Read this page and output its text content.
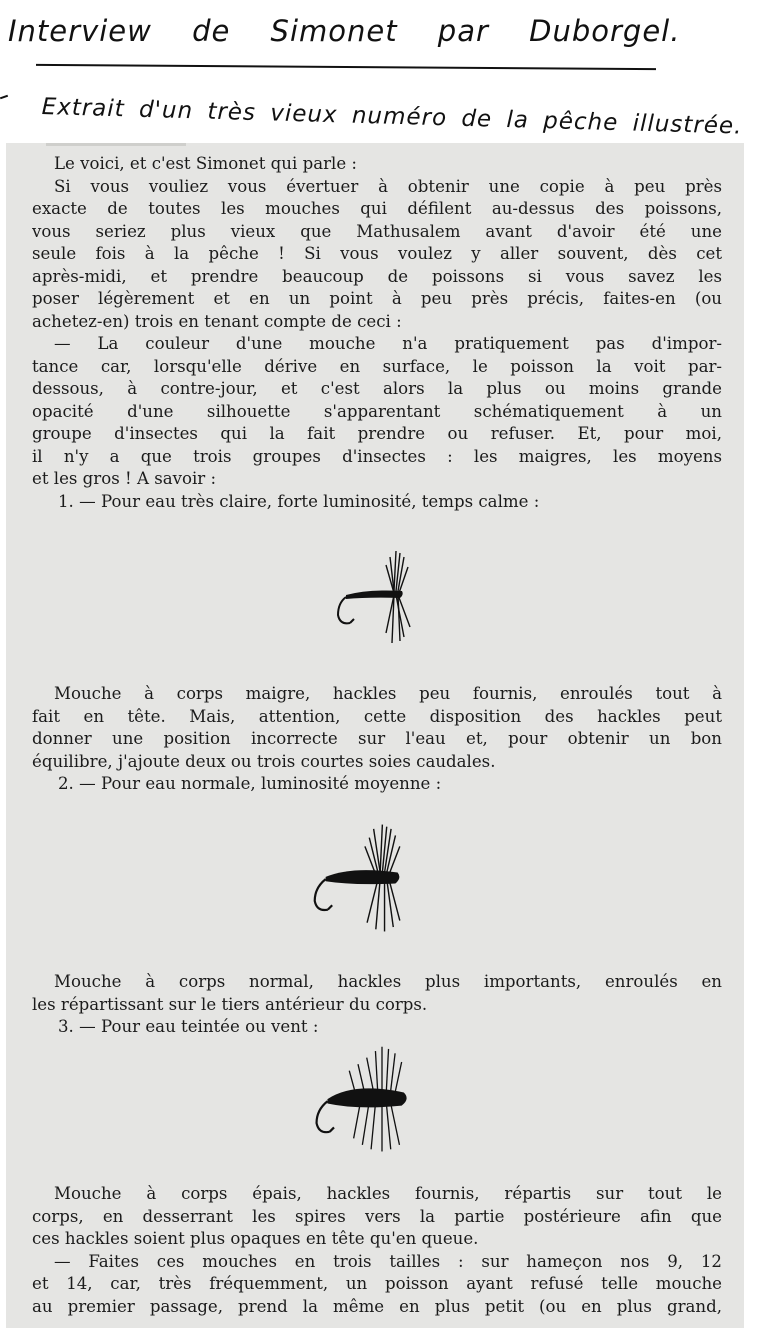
Interview de Simonet par Duborgel.
Extrait d'un très vieux numéro de la pêche illustrée.
Le voici, et c'est Simonet qui parle :
Si vous vouliez vous évertuer à obtenir une copie à peu près
exacte de toutes les mouches qui défilent au-dessus des poissons,
vous seriez plus vieux que Mathusalem avant d'avoir été une
seule fois à la pêche ! Si vous voulez y aller souvent, dès cet
après-midi, et prendre beaucoup de poissons si vous savez les
poser légèrement et en un point à peu près précis, faites-en (ou
achetez-en) trois en tenant compte de ceci :
— La couleur d'une mouche n'a pratiquement pas d'impor-
tance car, lorsqu'elle dérive en surface, le poisson la voit par-
dessous, à contre-jour, et c'est alors la plus ou moins grande
opacité d'une silhouette s'apparentant schématiquement à un
groupe d'insectes qui la fait prendre ou refuser. Et, pour moi,
il n'y a que trois groupes d'insectes : les maigres, les moyens
et les gros ! A savoir :
1. — Pour eau très claire, forte luminosité, temps calme :
Mouche à corps maigre, hackles peu fournis, enroulés tout à
fait en tête. Mais, attention, cette disposition des hackles peut
donner une position incorrecte sur l'eau et, pour obtenir un bon
équilibre, j'ajoute deux ou trois courtes soies caudales.
2. — Pour eau normale, luminosité moyenne :
Mouche à corps normal, hackles plus importants, enroulés en
les répartissant sur le tiers antérieur du corps.
3. — Pour eau teintée ou vent :
Mouche à corps épais, hackles fournis, répartis sur tout le
corps, en desserrant les spires vers la partie postérieure afin que
ces hackles soient plus opaques en tête qu'en queue.
— Faites ces mouches en trois tailles : sur hameçon nos 9, 12
et 14, car, très fréquemment, un poisson ayant refusé telle mouche
au premier passage, prend la même en plus petit (ou en plus grand,
